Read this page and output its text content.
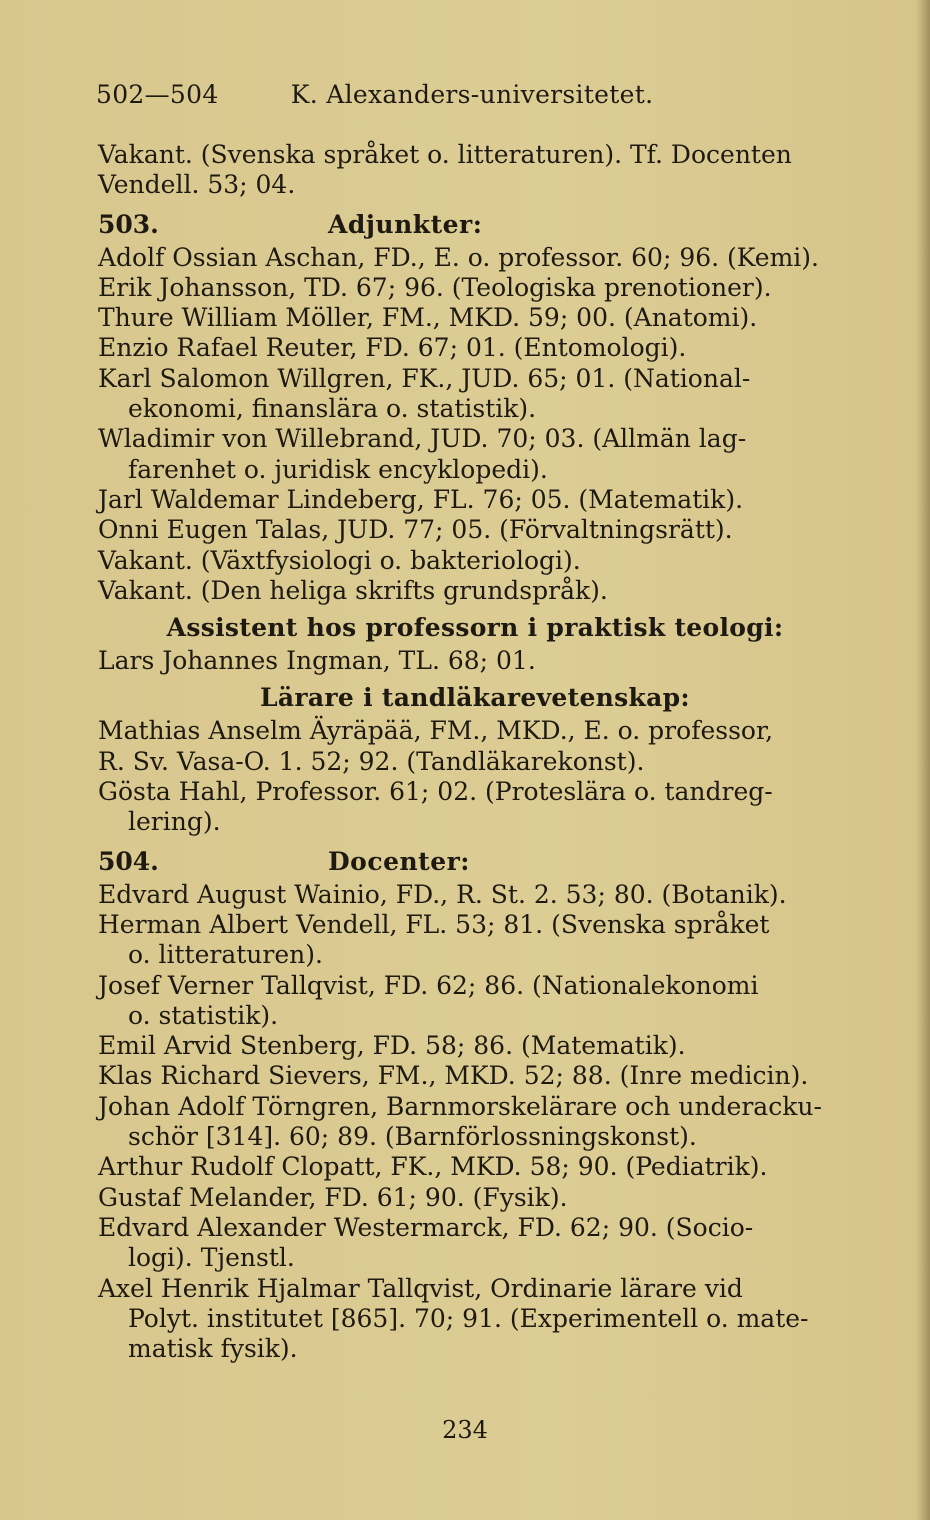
502—504	K. Alexanders-universitetet.
Vakant. (Svenska språket o. litteraturen). Tf. Docenten
Vendell. 53; 04.
503.	Adjunkter:
Adolf Ossian Aschan, FD., E. o. professor. 60; 96. (Kemi).
Erik Johansson, TD. 67; 96. (Teologiska prenotioner).
Thure William Möller, FM., MKD. 59; 00. (Anatomi).
Enzio Rafael Reuter, FD. 67; 01. (Entomologi).
Karl Salomon Willgren, FK., JUD. 65; 01. (National-
ekonomi, finanslära o. statistik).
Wladimir von Willebrand, JUD. 70; 03. (Allmän lag-
farenhet o. juridisk encyklopedi).
Jarl Waldemar Lindeberg, FL. 76; 05. (Matematik).
Onni Eugen Talas, JUD. 77; 05. (Förvaltningsrätt).
Vakant. (Växtfysiologi o. bakteriologi).
Vakant. (Den heliga skrifts grundspråk).
Assistent hos professorn i praktisk teologi:
Lars Johannes Ingman, TL. 68; 01.
Lärare i tandläkarevetenskap:
Mathias Anselm Äyräpää, FM., MKD., E. o. professor,
R. Sv. Vasa-O. 1. 52; 92. (Tandläkarekonst).
Gösta Hahl, Professor. 61; 02. (Proteslära o. tandreg-
lering).
504.	Docenter:
Edvard August Wainio, FD., R. St. 2. 53; 80. (Botanik).
Herman Albert Vendell, FL. 53; 81. (Svenska språket
o. litteraturen).
Josef Verner Tallqvist, FD. 62; 86. (Nationalekonomi
o. statistik).
Emil Arvid Stenberg, FD. 58; 86. (Matematik).
Klas Richard Sievers, FM., MKD. 52; 88. (Inre medicin).
Johan Adolf Törngren, Barnmorskelärare och underacku-
schör [314]. 60; 89. (Barnförlossningskonst).
Arthur Rudolf Clopatt, FK., MKD. 58; 90. (Pediatrik).
Gustaf Melander, FD. 61; 90. (Fysik).
Edvard Alexander Westermarck, FD. 62; 90. (Socio-
logi). Tjenstl.
Axel Henrik Hjalmar Tallqvist, Ordinarie lärare vid
Polyt. institutet [865]. 70; 91. (Experimentell o. mate-
matisk fysik).
234
